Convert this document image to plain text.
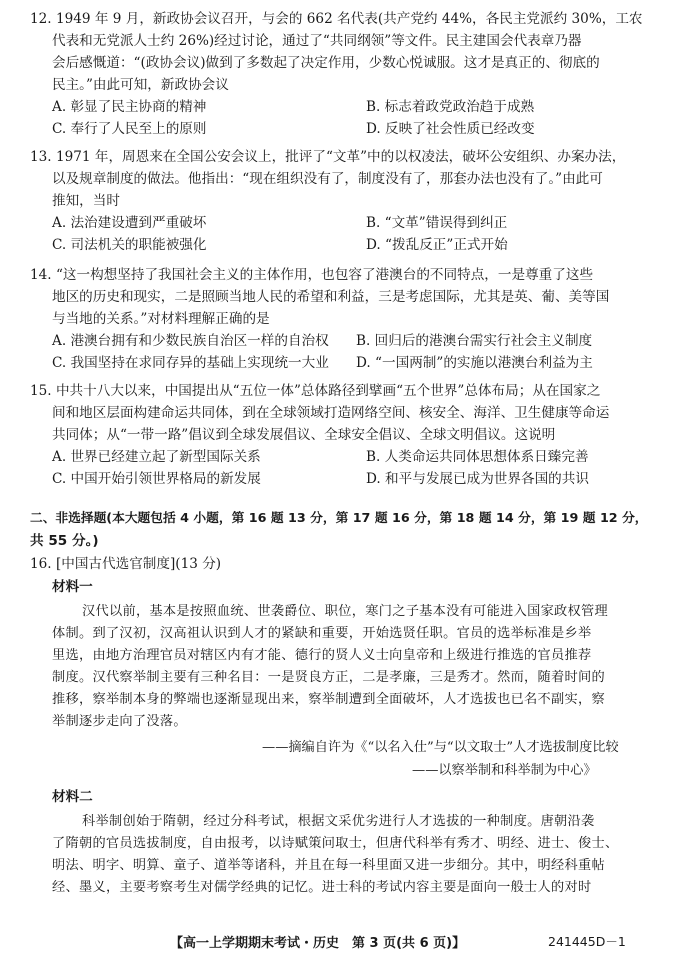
12. 1949 年 9 月，新政协会议召开，与会的 662 名代表(共产党约 44%，各民主党派约 30%，工农
代表和无党派人士约 26%)经过讨论，通过了“共同纲领”等文件。民主建国会代表章乃器
会后感慨道：“(政协会议)做到了多数起了决定作用，少数心悦诚服。这才是真正的、彻底的
民主。”由此可知，新政协会议
A. 彰显了民主协商的精神	B. 标志着政党政治趋于成熟
C. 奉行了人民至上的原则	D. 反映了社会性质已经改变
13. 1971 年，周恩来在全国公安会议上，批评了“文革”中的以权凌法，破坏公安组织、办案办法，
以及规章制度的做法。他指出：“现在组织没有了，制度没有了，那套办法也没有了。”由此可
推知，当时
A. 法治建设遭到严重破坏	B. “文革”错误得到纠正
C. 司法机关的职能被强化	D. “拨乱反正”正式开始
14. “这一构想坚持了我国社会主义的主体作用，也包容了港澳台的不同特点，一是尊重了这些
地区的历史和现实，二是照顾当地人民的希望和利益，三是考虑国际，尤其是英、葡、美等国
与当地的关系。”对材料理解正确的是
A. 港澳台拥有和少数民族自治区一样的自治权 B. 回归后的港澳台需实行社会主义制度
C. 我国坚持在求同存异的基础上实现统一大业 D. “一国两制”的实施以港澳台利益为主
15. 中共十八大以来，中国提出从“五位一体”总体路径到擘画“五个世界”总体布局；从在国家之
间和地区层面构建命运共同体，到在全球领域打造网络空间、核安全、海洋、卫生健康等命运
共同体；从“一带一路”倡议到全球发展倡议、全球安全倡议、全球文明倡议。这说明
A. 世界已经建立起了新型国际关系	B. 人类命运共同体思想体系日臻完善
C. 中国开始引领世界格局的新发展	D. 和平与发展已成为世界各国的共识
二、非选择题(本大题包括 4 小题，第 16 题 13 分，第 17 题 16 分，第 18 题 14 分，第 19 题 12 分，
共 55 分。)
16. [中国古代选官制度](13 分)
材料一
汉代以前，基本是按照血统、世袭爵位、职位，寒门之子基本没有可能进入国家政权管理
体制。到了汉初，汉高祖认识到人才的紧缺和重要，开始选贤任职。官员的选举标准是乡举
里选，由地方治理官员对辖区内有才能、德行的贤人义士向皇帝和上级进行推选的官员推荐
制度。汉代察举制主要有三种名目：一是贤良方正，二是孝廉，三是秀才。然而，随着时间的
推移，察举制本身的弊端也逐渐显现出来，察举制遭到全面破坏，人才选拔也已名不副实，察
举制逐步走向了没落。
——摘编自许为《“以名入仕”与“以文取士”人才选拔制度比较
——以察举制和科举制为中心》
材料二
科举制创始于隋朝，经过分科考试，根据文采优劣进行人才选拔的一种制度。唐朝沿袭
了隋朝的官员选拔制度，自由报考，以诗赋策问取士，但唐代科举有秀才、明经、进士、俊士、
明法、明字、明算、童子、道举等诸科，并且在每一科里面又进一步细分。其中，明经科重帖
经、墨义，主要考察考生对儒学经典的记忆。进士科的考试内容主要是面向一般士人的对时
【高一上学期期末考试・历史　第 3 页(共 6 页)】	241445D－1
